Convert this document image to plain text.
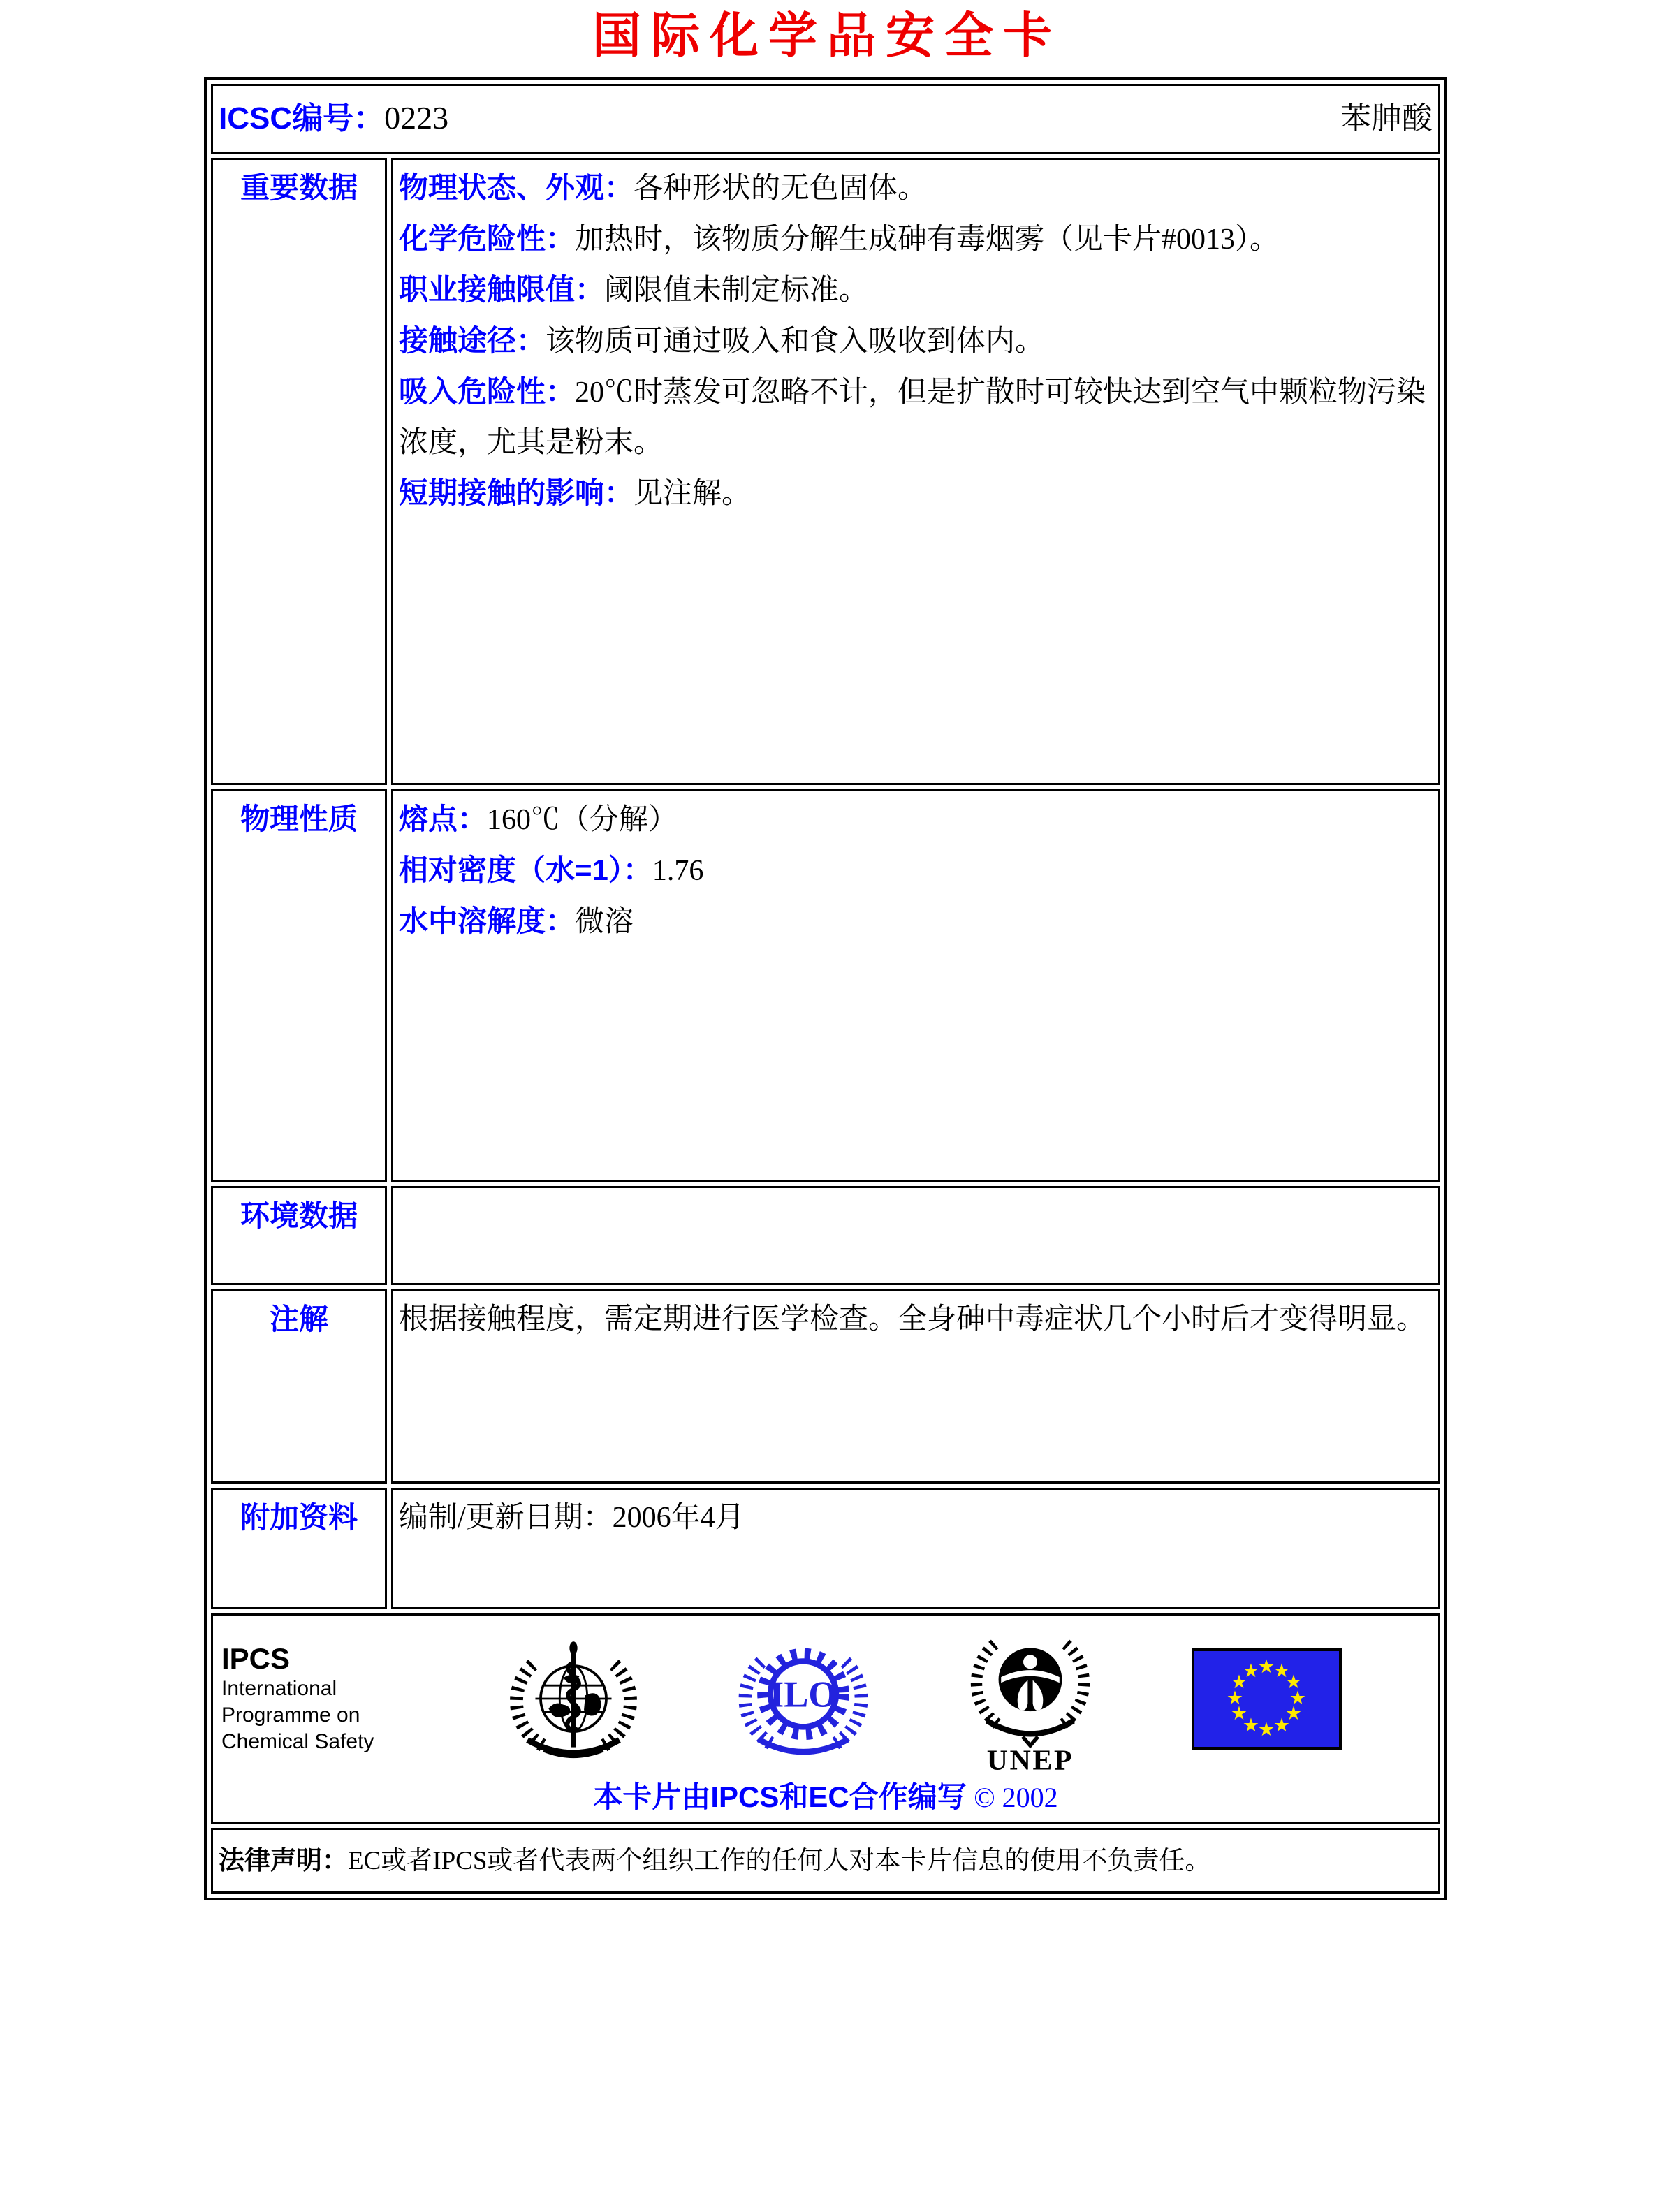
国际化学品安全卡
ICSC编号：0223 苯胂酸	

重要数据	物理状态、外观：各种形状的无色固体。

化学危险性：加热时，该物质分解生成砷有毒烟雾（见卡片#0013）。

职业接触限值：阈限值未制定标准。

接触途径：该物质可通过吸入和食入吸收到体内。

吸入危险性：20℃时蒸发可忽略不计，但是扩散时可较快达到空气中颗粒物污染浓度，尤其是粉末。

短期接触的影响：见注解。

物理性质	熔点：160℃（分解）

相对密度（水=1）：1.76

水中溶解度：微溶

环境数据	
注解	根据接触程度，需定期进行医学检查。全身砷中毒症状几个小时后才变得明显。

附加资料	编制/更新日期：2006年4月

IPCS
International
Programme on
Chemical Safety
ILO
UNEP
★
★
★
★
★
★
★
★
★
★
★
★
本卡片由IPCS和EC合作编写 © 2002

法律声明：EC或者IPCS或者代表两个组织工作的任何人对本卡片信息的使用不负责任。	
